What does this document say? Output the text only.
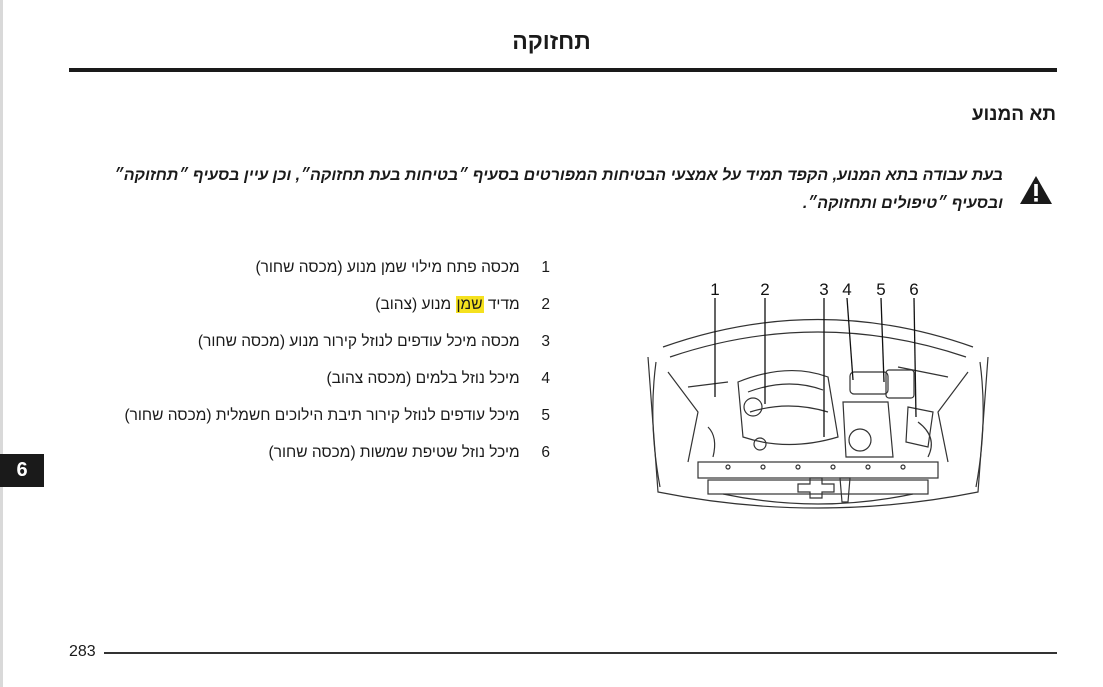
תחזוקה
תא המנוע
בעת עבודה בתא המנוע, הקפד תמיד על אמצעי הבטיחות המפורטים בסעיף ״בטיחות בעת תחזוקה״, וכן עיין בסעיף ״תחזוקה״
ובסעיף ״טיפולים ותחזוקה״.
1 מכסה פתח מילוי שמן מנוע (מכסה שחור)
2 מדיד שמן מנוע (צהוב)
3 מכסה מיכל עודפים לנוזל קירור מנוע (מכסה שחור)
4 מיכל נוזל בלמים (מכסה צהוב)
5 מיכל עודפים לנוזל קירור תיבת הילוכים חשמלית (מכסה שחור)
6 מיכל נוזל שטיפת שמשות (מכסה שחור)
1 2	3 4 5 6
6
283
